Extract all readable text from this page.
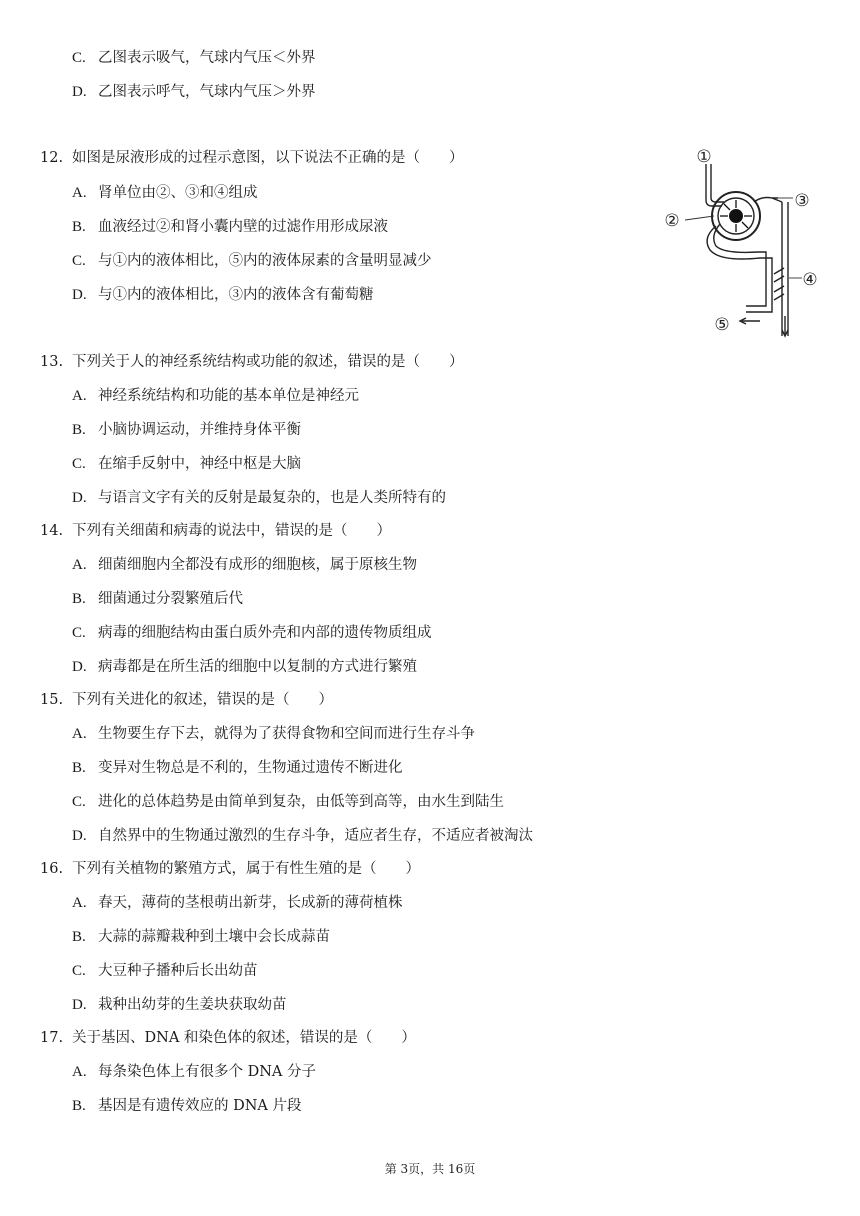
C. 乙图表示吸气，气球内气压＜外界
D. 乙图表示呼气，气球内气压＞外界
12. 如图是尿液形成的过程示意图，以下说法不正确的是（　　）
A. 肾单位由②、③和④组成
B. 血液经过②和肾小囊内壁的过滤作用形成尿液
C. 与①内的液体相比，⑤内的液体尿素的含量明显减少
D. 与①内的液体相比，③内的液体含有葡萄糖
①
②
③
④
⑤
13. 下列关于人的神经系统结构或功能的叙述，错误的是（　　）
A. 神经系统结构和功能的基本单位是神经元
B. 小脑协调运动，并维持身体平衡
C. 在缩手反射中，神经中枢是大脑
D. 与语言文字有关的反射是最复杂的，也是人类所特有的
14. 下列有关细菌和病毒的说法中，错误的是（　　）
A. 细菌细胞内全都没有成形的细胞核，属于原核生物
B. 细菌通过分裂繁殖后代
C. 病毒的细胞结构由蛋白质外壳和内部的遗传物质组成
D. 病毒都是在所生活的细胞中以复制的方式进行繁殖
15. 下列有关进化的叙述，错误的是（　　）
A. 生物要生存下去，就得为了获得食物和空间而进行生存斗争
B. 变异对生物总是不利的，生物通过遗传不断进化
C. 进化的总体趋势是由简单到复杂，由低等到高等，由水生到陆生
D. 自然界中的生物通过激烈的生存斗争，适应者生存，不适应者被淘汰
16. 下列有关植物的繁殖方式，属于有性生殖的是（　　）
A. 春天，薄荷的茎根萌出新芽，长成新的薄荷植株
B. 大蒜的蒜瓣栽种到土壤中会长成蒜苗
C. 大豆种子播种后长出幼苗
D. 栽种出幼芽的生姜块获取幼苗
17. 关于基因、DNA 和染色体的叙述，错误的是（　　）
A. 每条染色体上有很多个 DNA 分子
B. 基因是有遗传效应的 DNA 片段
第 3页，共 16页
